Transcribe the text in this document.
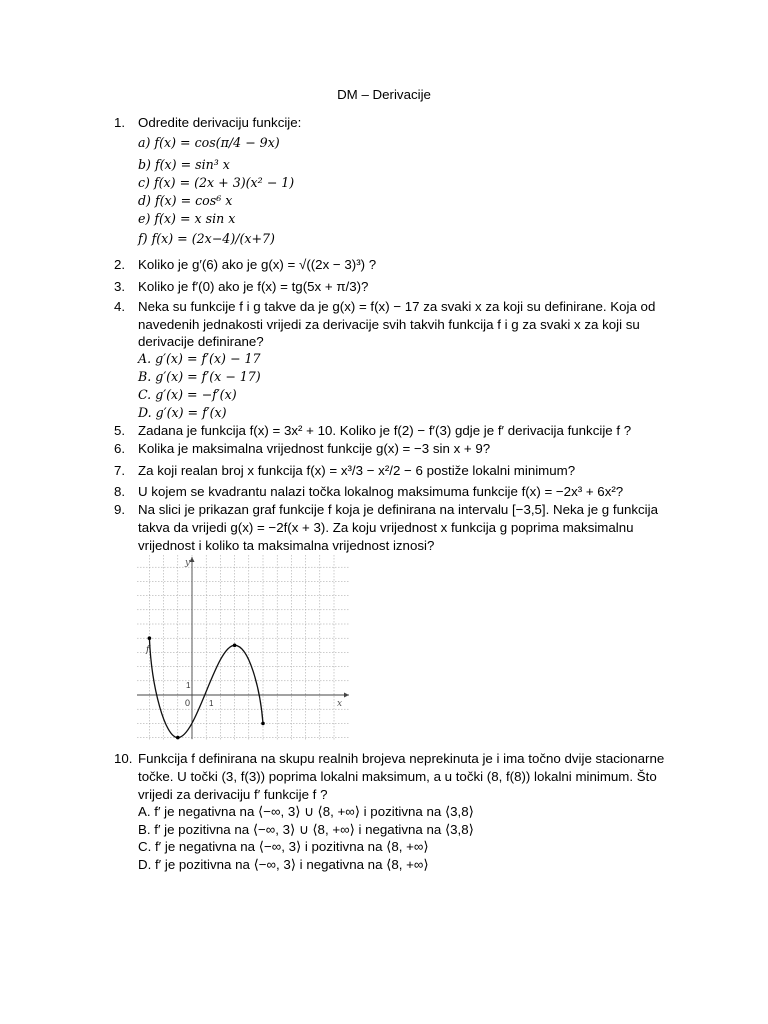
DM – Derivacije
1. Odredite derivaciju funkcije:
a) f(x) = cos(π/4 − 9x)
b) f(x) = sin³ x
c) f(x) = (2x + 3)(x² − 1)
d) f(x) = cos⁶ x
e) f(x) = x sin x
f) f(x) = (2x−4)/(x+7)
2. Koliko je g′(6) ako je g(x) = √((2x − 3)³) ?
3. Koliko je f′(0) ako je f(x) = tg(5x + π/3)?
4. Neka su funkcije f i g takve da je g(x) = f(x) − 17 za svaki x za koji su definirane. Koja od
navedenih jednakosti vrijedi za derivacije svih takvih funkcija f i g za svaki x za koji su
derivacije definirane?
A. g′(x) = f′(x) − 17
B. g′(x) = f′(x − 17)
C. g′(x) = −f′(x)
D. g′(x) = f′(x)
5. Zadana je funkcija f(x) = 3x² + 10. Koliko je f(2) − f′(3) gdje je f′ derivacija funkcije f ?
6. Kolika je maksimalna vrijednost funkcije g(x) = −3 sin x + 9?
7. Za koji realan broj x funkcija f(x) = x³/3 − x²/2 − 6 postiže lokalni minimum?
8. U kojem se kvadrantu nalazi točka lokalnog maksimuma funkcije f(x) = −2x³ + 6x²?
9. Na slici je prikazan graf funkcije f koja je definirana na intervalu [−3,5]. Neka je g funkcija
takva da vrijedi g(x) = −2f(x + 3). Za koju vrijednost x funkcija g poprima maksimalnu
vrijednost i koliko ta maksimalna vrijednost iznosi?
x
y
0 1
1
f
10. Funkcija f definirana na skupu realnih brojeva neprekinuta je i ima točno dvije stacionarne
točke. U točki (3, f(3)) poprima lokalni maksimum, a u točki (8, f(8)) lokalni minimum. Što
vrijedi za derivaciju f′ funkcije f ?
A. f′ je negativna na ⟨−∞, 3⟩ ∪ ⟨8, +∞⟩ i pozitivna na ⟨3,8⟩
B. f′ je pozitivna na ⟨−∞, 3⟩ ∪ ⟨8, +∞⟩ i negativna na ⟨3,8⟩
C. f′ je negativna na ⟨−∞, 3⟩ i pozitivna na ⟨8, +∞⟩
D. f′ je pozitivna na ⟨−∞, 3⟩ i negativna na ⟨8, +∞⟩
